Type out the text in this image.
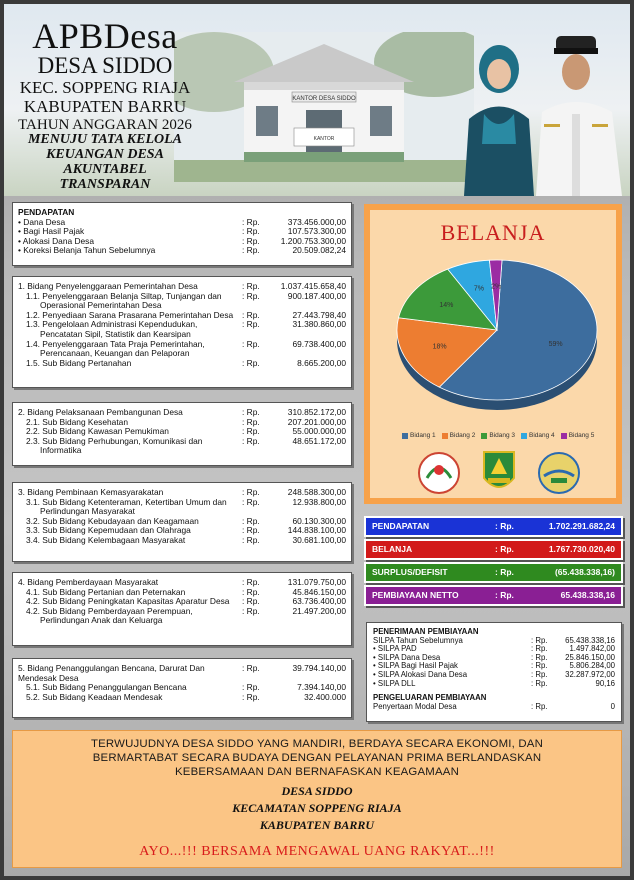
KANTOR DESA SIDDO
KANTOR
APBDesa
DESA SIDDO
KEC. SOPPENG RIAJA
KABUPATEN BARRU
TAHUN ANGGARAN 2026
MENUJU TATA KELOLA
KEUANGAN DESA
AKUNTABEL
TRANSPARAN
PENDAPATAN
• Dana Desa	: Rp.	373.456.000,00
• Bagi Hasil Pajak	: Rp.	107.573.300,00
• Alokasi Dana Desa	: Rp.	1.200.753.300,00
• Koreksi Belanja Tahun Sebelumnya	: Rp.	20.509.082,24
1. Bidang Penyelenggaraan Pemerintahan Desa	: Rp.	1.037.415.658,40
1.1. Penyelenggaraan Belanja Siltap, Tunjangan dan Operasional Pemerintahan Desa
: Rp.	900.187.400,00
1.2. Penyediaan Sarana Prasarana Pemerintahan Desa	: Rp.	27.443.798,40
1.3. Pengelolaan Administrasi Kependudukan, Pencatatan Sipil, Statistik dan Kearsipan
: Rp.	31.380.860,00
1.4. Penyelenggaraan Tata Praja Pemerintahan, Perencanaan, Keuangan dan Pelaporan
: Rp.	69.738.400,00
1.5. Sub Bidang Pertanahan	: Rp.	8.665.200,00
2. Bidang Pelaksanaan Pembangunan Desa	: Rp.	310.852.172,00
2.1. Sub Bidang Kesehatan	: Rp.	207.201.000,00
2.2. Sub Bidang Kawasan Pemukiman	: Rp.	55.000.000,00
2.3. Sub Bidang Perhubungan, Komunikasi dan Informatika
: Rp.	48.651.172,00
3. Bidang Pembinaan Kemasyarakatan	: Rp.	248.588.300,00
3.1. Sub Bidang Ketenteraman, Ketertiban Umum dan Perlindungan Masyarakat
: Rp.	12.938.800,00
3.2. Sub Bidang Kebudayaan dan Keagamaan	: Rp.	60.130.300,00
3.3. Sub Bidang Kepemudaan dan Olahraga	: Rp.	144.838.100,00
3.4. Sub Bidang Kelembagaan Masyarakat	: Rp.	30.681.100,00
4. Bidang Pemberdayaan Masyarakat	: Rp.	131.079.750,00
4.1. Sub Bidang Pertanian dan Peternakan	: Rp.	45.846.150,00
4.2. Sub Bidang Peningkatan Kapasitas Aparatur Desa	: Rp.	63.736.400,00
4.2. Sub Bidang Pemberdayaan Perempuan, Perlindungan Anak dan Keluarga
: Rp.	21.497.200,00
5. Bidang Penanggulangan Bencana, Darurat Dan Mendesak Desa
: Rp.	39.794.140,00
5.1. Sub Bidang Penanggulangan Bencana	: Rp.	7.394.140,00
5.2. Sub Bidang Keadaan Mendesak	: Rp.	32.400.000
BELANJA
59%
18%
14%
7% 2%
Bidang 1 Bidang 2 Bidang 3 Bidang 4 Bidang 5
PENDAPATAN	: Rp.	1.702.291.682,24
BELANJA	: Rp.	1.767.730.020,40
SURPLUS/DEFISIT	: Rp.	(65.438.338,16)
PEMBIAYAAN NETTO	: Rp.	65.438.338,16
PENERIMAAN PEMBIAYAAN
SILPA Tahun Sebelumnya	: Rp.	65.438.338,16
• SILPA PAD	: Rp.	1.497.842,00
• SILPA Dana Desa	: Rp.	25.846.150,00
• SILPA Bagi Hasil Pajak	: Rp.	5.806.284,00
• SILPA Alokasi Dana Desa	: Rp.	32.287.972,00
• SILPA DLL	: Rp.	90,16
PENGELUARAN PEMBIAYAAN
Penyertaan Modal Desa	: Rp.	0
TERWUJUDNYA DESA SIDDO YANG MANDIRI, BERDAYA SECARA EKONOMI, DAN
BERMARTABAT SECARA BUDAYA DENGAN PELAYANAN PRIMA BERLANDASKAN
KEBERSAMAAN DAN BERNAFASKAN KEAGAMAAN
DESA SIDDO
KECAMATAN SOPPENG RIAJA
KABUPATEN BARRU
AYO...!!! BERSAMA MENGAWAL UANG RAKYAT...!!!
